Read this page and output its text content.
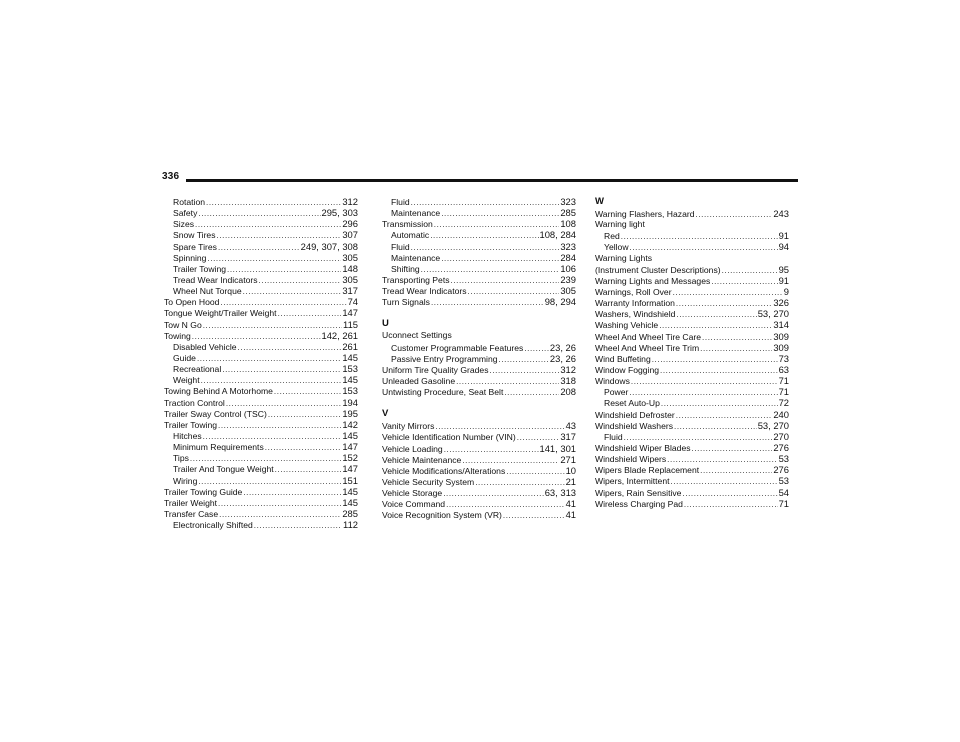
336
Rotation .....	312
Safety .....	295, 303
Sizes .....	296
Snow Tires .....	307
Spare Tires .....	249, 307, 308
Spinning .....	305
Trailer Towing .....	148
Tread Wear Indicators .....	305
Wheel Nut Torque .....	317
To Open Hood .....	74
Tongue Weight/Trailer Weight .....	147
Tow N Go .....	115
Towing .....	142, 261
Disabled Vehicle .....	261
Guide .....	145
Recreational .....	153
Weight .....	145
Towing Behind A Motorhome .....	153
Traction Control .....	194
Trailer Sway Control (TSC) .....	195
Trailer Towing .....	142
Hitches .....	145
Minimum Requirements .....	147
Tips .....	152
Trailer And Tongue Weight .....	147
Wiring .....	151
Trailer Towing Guide .....	145
Trailer Weight .....	145
Transfer Case .....	285
Electronically Shifted .....	112
Fluid .....	323
Maintenance .....	285
Transmission .....	108
Automatic .....	108, 284
Fluid .....	323
Maintenance .....	284
Shifting .....	106
Transporting Pets .....	239
Tread Wear Indicators .....	305
Turn Signals .....	98, 294
U
Uconnect Settings
Customer Programmable Features .....	23, 26
Passive Entry Programming .....	23, 26
Uniform Tire Quality Grades .....	312
Unleaded Gasoline .....	318
Untwisting Procedure, Seat Belt .....	208
V
Vanity Mirrors .....	43
Vehicle Identification Number (VIN) .....	317
Vehicle Loading .....	141, 301
Vehicle Maintenance .....	271
Vehicle Modifications/Alterations .....	10
Vehicle Security System .....	21
Vehicle Storage .....	63, 313
Voice Command .....	41
Voice Recognition System (VR) .....	41
W
Warning Flashers, Hazard .....	243
Warning light
Red .....	91
Yellow .....	94
Warning Lights
(Instrument Cluster Descriptions) .....	95
Warning Lights and Messages .....	91
Warnings, Roll Over .....	9
Warranty Information .....	326
Washers, Windshield .....	53, 270
Washing Vehicle .....	314
Wheel And Wheel Tire Care .....	309
Wheel And Wheel Tire Trim .....	309
Wind Buffeting .....	73
Window Fogging .....	63
Windows .....	71
Power .....	71
Reset Auto-Up .....	72
Windshield Defroster .....	240
Windshield Washers .....	53, 270
Fluid .....	270
Windshield Wiper Blades .....	276
Windshield Wipers .....	53
Wipers Blade Replacement .....	276
Wipers, Intermittent .....	53
Wipers, Rain Sensitive .....	54
Wireless Charging Pad .....	71
